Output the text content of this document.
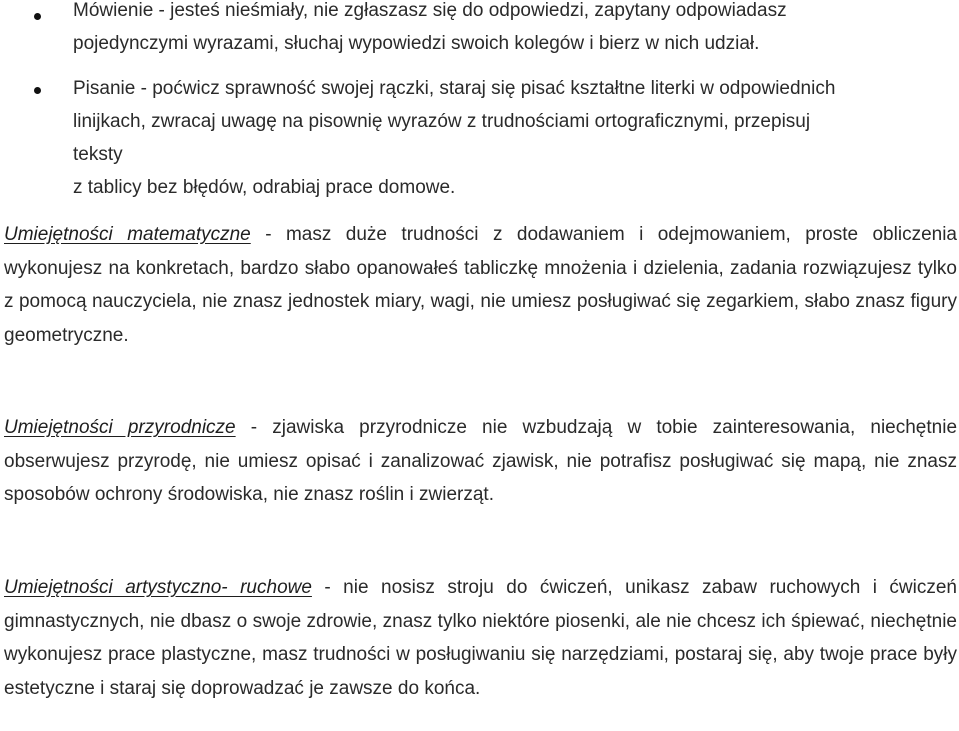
Mówienie - jesteś nieśmiały, nie zgłaszasz się do odpowiedzi, zapytany odpowiadasz
pojedynczymi wyrazami, słuchaj wypowiedzi swoich kolegów i bierz w nich udział.
Pisanie - poćwicz sprawność swojej rączki, staraj się pisać kształtne literki w odpowiednich
linijkach, zwracaj uwagę na pisownię wyrazów z trudnościami ortograficznymi, przepisuj
teksty
z tablicy bez błędów, odrabiaj prace domowe.

Umiejętności matematyczne - masz duże trudności z dodawaniem i odejmowaniem, proste obliczenia wykonujesz na konkretach, bardzo słabo opanowałeś tabliczkę mnożenia i dzielenia, zadania rozwiązujesz tylko z pomocą nauczyciela, nie znasz jednostek miary, wagi, nie umiesz posługiwać się zegarkiem, słabo znasz figury geometryczne.

Umiejętności przyrodnicze - zjawiska przyrodnicze nie wzbudzają w tobie zainteresowania, niechętnie obserwujesz przyrodę, nie umiesz opisać i zanalizować zjawisk, nie potrafisz posługiwać się mapą, nie znasz sposobów ochrony środowiska, nie znasz roślin i zwierząt.

Umiejętności artystyczno- ruchowe - nie nosisz stroju do ćwiczeń, unikasz zabaw ruchowych i ćwiczeń gimnastycznych, nie dbasz o swoje zdrowie, znasz tylko niektóre piosenki, ale nie chcesz ich śpiewać, niechętnie wykonujesz prace plastyczne, masz trudności w posługiwaniu się narzędziami, postaraj się, aby twoje prace były estetyczne i staraj się doprowadzać je zawsze do końca.
